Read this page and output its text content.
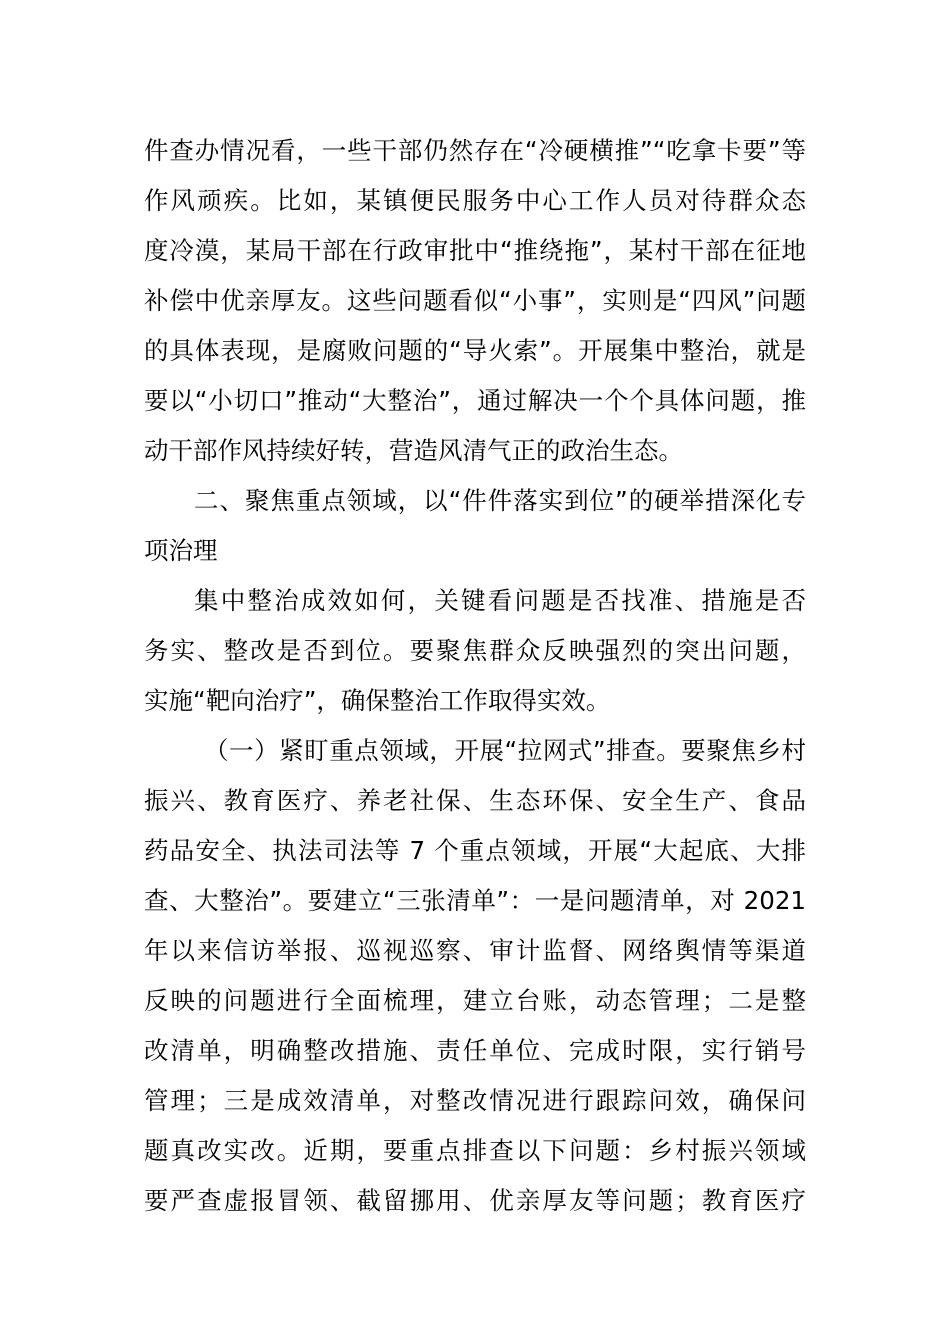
件查办情况看，一些干部仍然存在“冷硬横推”“吃拿卡要”等
作风顽疾。比如，某镇便民服务中心工作人员对待群众态
度冷漠，某局干部在行政审批中“推绕拖”，某村干部在征地
补偿中优亲厚友。这些问题看似“小事”，实则是“四风”问题
的具体表现，是腐败问题的“导火索”。开展集中整治，就是
要以“小切口”推动“大整治”，通过解决一个个具体问题，推
动干部作风持续好转，营造风清气正的政治生态。
二、聚焦重点领域，以“件件落实到位”的硬举措深化专
项治理
集中整治成效如何，关键看问题是否找准、措施是否
务实、整改是否到位。要聚焦群众反映强烈的突出问题，
实施“靶向治疗”，确保整治工作取得实效。
（一）紧盯重点领域，开展“拉网式”排查。要聚焦乡村
振兴、教育医疗、养老社保、生态环保、安全生产、食品
药品安全、执法司法等 7 个重点领域，开展“大起底、大排
查、大整治”。要建立“三张清单”：一是问题清单，对 2021
年以来信访举报、巡视巡察、审计监督、网络舆情等渠道
反映的问题进行全面梳理，建立台账，动态管理；二是整
改清单，明确整改措施、责任单位、完成时限，实行销号
管理；三是成效清单，对整改情况进行跟踪问效，确保问
题真改实改。近期，要重点排查以下问题：乡村振兴领域
要严查虚报冒领、截留挪用、优亲厚友等问题；教育医疗
